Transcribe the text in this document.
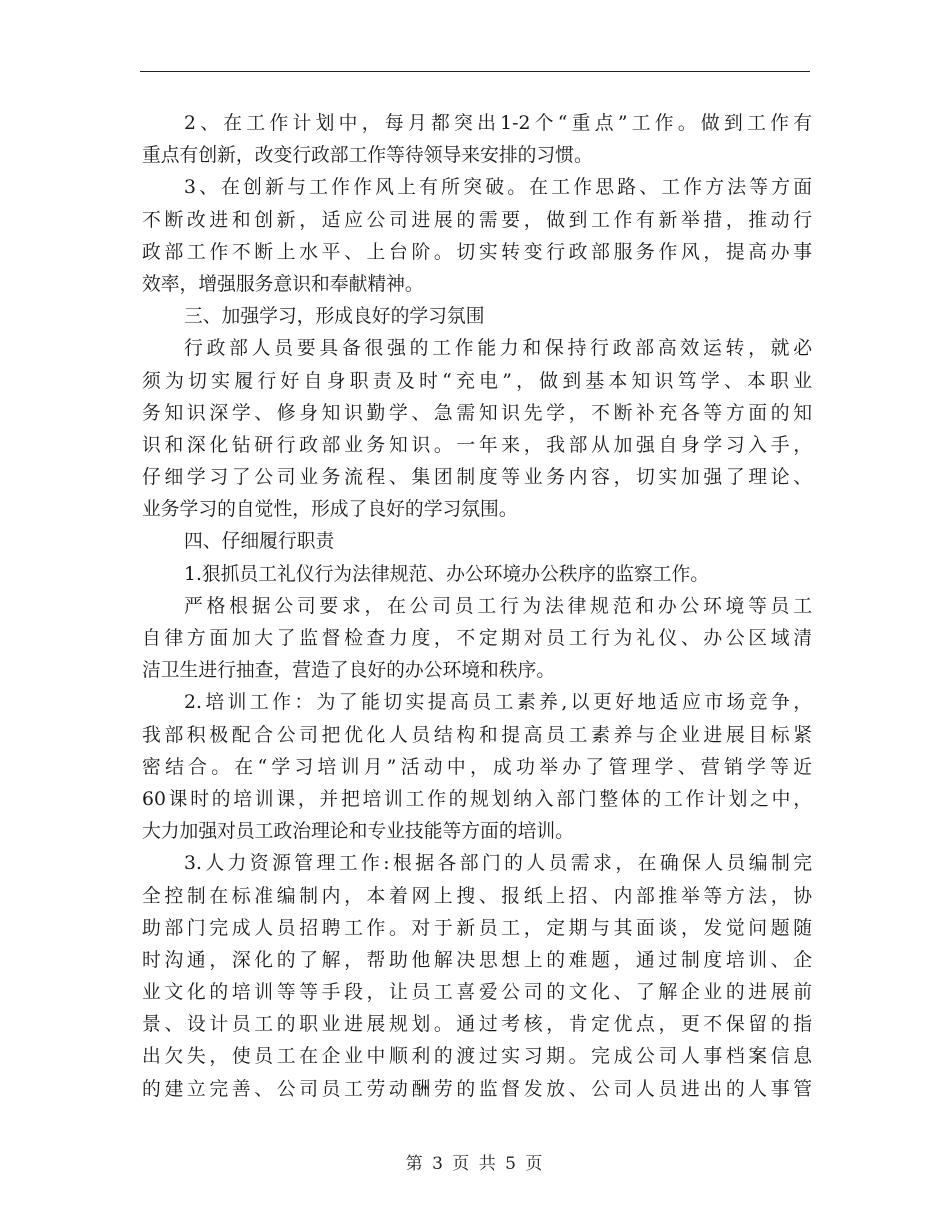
2、在工作计划中，每月都突出1-2个“重点”工作。做到工作有
重点有创新，改变行政部工作等待领导来安排的习惯。
3、在创新与工作作风上有所突破。在工作思路、工作方法等方面
不断改进和创新，适应公司进展的需要，做到工作有新举措，推动行
政部工作不断上水平、上台阶。切实转变行政部服务作风，提高办事
效率，增强服务意识和奉献精神。
三、加强学习，形成良好的学习氛围
行政部人员要具备很强的工作能力和保持行政部高效运转，就必
须为切实履行好自身职责及时“充电”，做到基本知识笃学、本职业
务知识深学、修身知识勤学、急需知识先学，不断补充各等方面的知
识和深化钻研行政部业务知识。一年来，我部从加强自身学习入手，
仔细学习了公司业务流程、集团制度等业务内容，切实加强了理论、
业务学习的自觉性，形成了良好的学习氛围。
四、仔细履行职责
1.狠抓员工礼仪行为法律规范、办公环境办公秩序的监察工作。
严格根据公司要求，在公司员工行为法律规范和办公环境等员工
自律方面加大了监督检查力度，不定期对员工行为礼仪、办公区域清
洁卫生进行抽查，营造了良好的办公环境和秩序。
2.培训工作：为了能切实提高员工素养,以更好地适应市场竞争，
我部积极配合公司把优化人员结构和提高员工素养与企业进展目标紧
密结合。在“学习培训月”活动中，成功举办了管理学、营销学等近
60课时的培训课，并把培训工作的规划纳入部门整体的工作计划之中，
大力加强对员工政治理论和专业技能等方面的培训。
3.人力资源管理工作:根据各部门的人员需求，在确保人员编制完
全控制在标准编制内，本着网上搜、报纸上招、内部推举等方法，协
助部门完成人员招聘工作。对于新员工，定期与其面谈，发觉问题随
时沟通，深化的了解，帮助他解决思想上的难题，通过制度培训、企
业文化的培训等等手段，让员工喜爱公司的文化、了解企业的进展前
景、设计员工的职业进展规划。通过考核，肯定优点，更不保留的指
出欠失，使员工在企业中顺利的渡过实习期。完成公司人事档案信息
的建立完善、公司员工劳动酬劳的监督发放、公司人员进出的人事管
第 3 页 共 5 页
